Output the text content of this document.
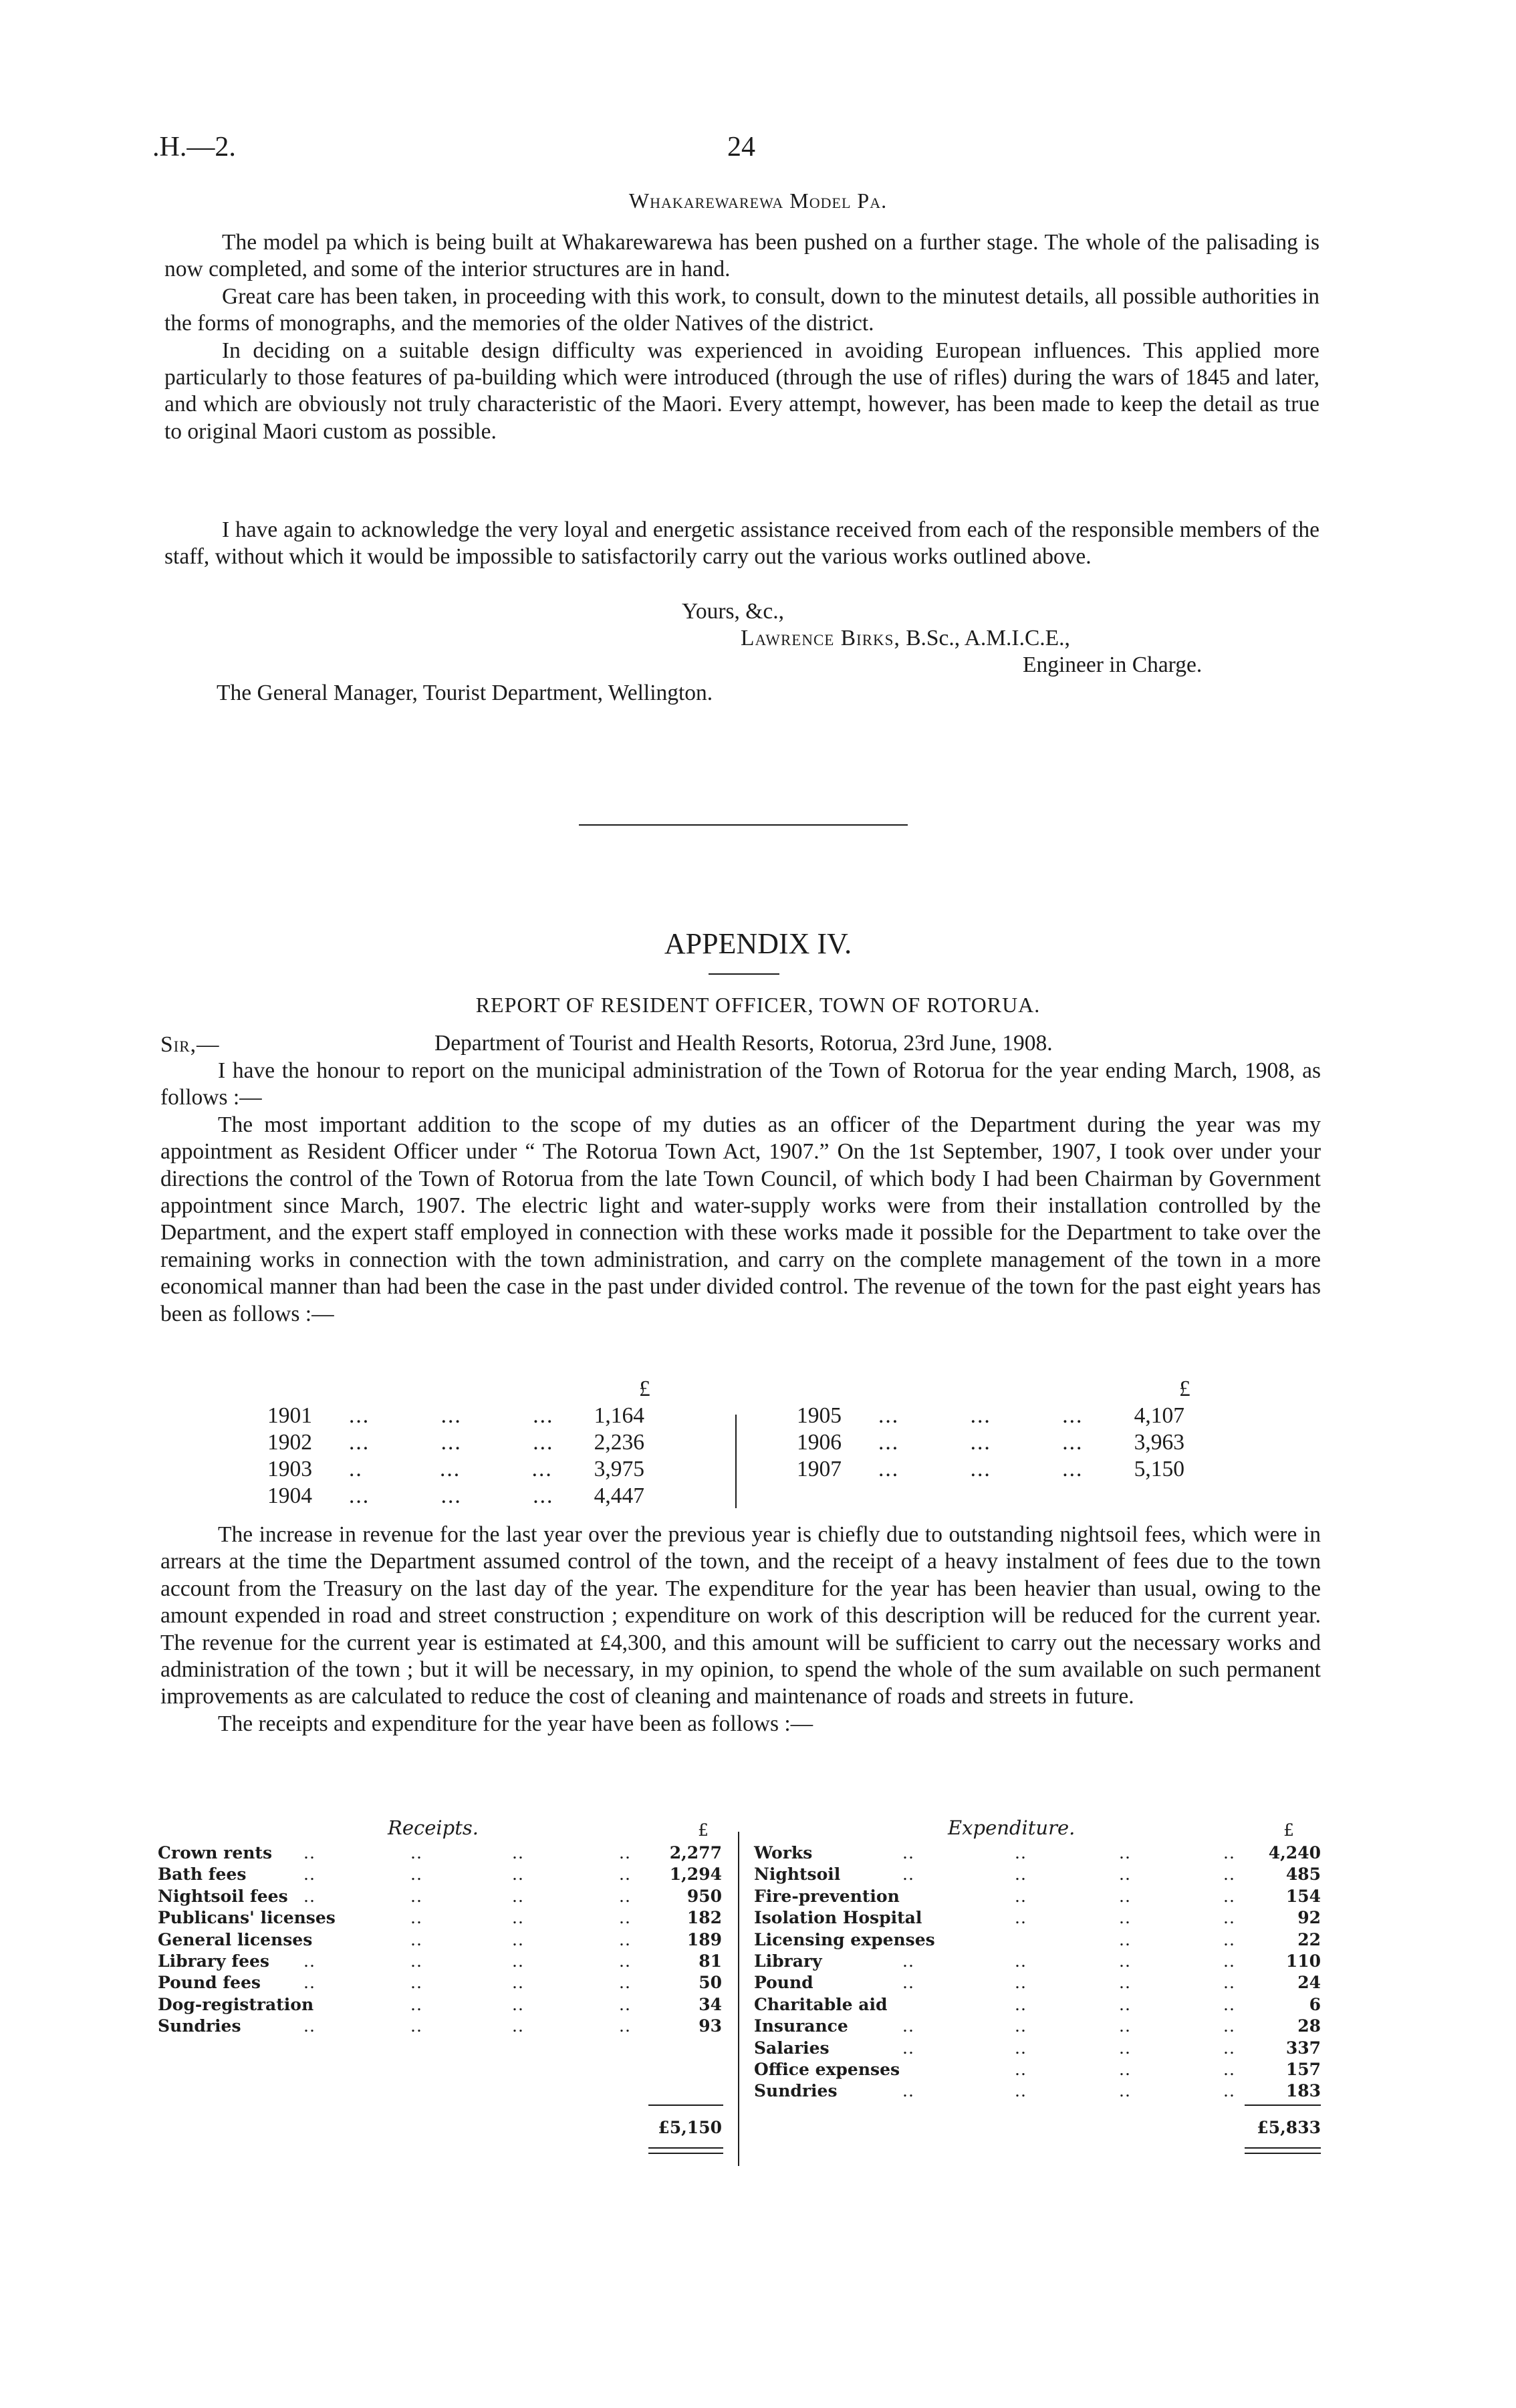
.H.—2.	24
Whakarewarewa Model Pa.

The model pa which is being built at Whakarewarewa has been pushed on a further stage. The whole of the palisading is now completed, and some of the interior structures are in hand.

Great care has been taken, in proceeding with this work, to consult, down to the minutest details, all possible authorities in the forms of monographs, and the memories of the older Natives of the district.

In deciding on a suitable design difficulty was experienced in avoiding European influences. This applied more particularly to those features of pa-building which were introduced (through the use of rifles) during the wars of 1845 and later, and which are obviously not truly characteristic of the Maori. Every attempt, however, has been made to keep the detail as true to original Maori custom as possible.

I have again to acknowledge the very loyal and energetic assistance received from each of the responsible members of the staff, without which it would be impossible to satisfactorily carry out the various works outlined above.

Yours, &c.,
Lawrence Birks, B.Sc., A.M.I.C.E.,
Engineer in Charge.
The General Manager, Tourist Department, Wellington.
APPENDIX IV.
REPORT OF RESIDENT OFFICER, TOWN OF ROTORUA.
Sir,—	Department of Tourist and Health Resorts, Rotorua, 23rd June, 1908.

I have the honour to report on the municipal administration of the Town of Rotorua for the year ending March, 1908, as follows :—

The most important addition to the scope of my duties as an officer of the Department during the year was my appointment as Resident Officer under “ The Rotorua Town Act, 1907.” On the 1st September, 1907, I took over under your directions the control of the Town of Rotorua from the late Town Council, of which body I had been Chairman by Government appointment since March, 1907. The electric light and water-supply works were from their installation controlled by the Department, and the expert staff employed in connection with these works made it possible for the Department to take over the remaining works in connection with the town administration, and carry on the complete management of the town in a more economical manner than had been the case in the past under divided control. The revenue of the town for the past eight years has been as follows :—

£	£
1901 ...   ...   ...	1,164
1902 ...   ...   ...	2,236
1903 ..    ...   ...	3,975
1904 ...   ...   ...	4,447
1905 ...   ...   ...	4,107
1906 ...   ...   ...	3,963
1907 ...   ...   ...	5,150

The increase in revenue for the last year over the previous year is chiefly due to outstanding nightsoil fees, which were in arrears at the time the Department assumed control of the town, and the receipt of a heavy instalment of fees due to the town account from the Treasury on the last day of the year. The expenditure for the year has been heavier than usual, owing to the amount expended in road and street construction ; expenditure on work of this description will be reduced for the current year. The revenue for the current year is estimated at £4,300, and this amount will be sufficient to carry out the necessary works and administration of the town ; but it will be necessary, in my opinion, to spend the whole of the sum available on such permanent improvements as are calculated to reduce the cost of cleaning and maintenance of roads and streets in future.

The receipts and expenditure for the year have been as follows :—

Receipts.	£
Crown rents ..	..	..	.. 2,277
Bath fees	..	..	..	.. 1,294
Nightsoil fees ..	..	..	..	950
Publicans' licenses	..	..	..	182
General licenses	..	..	..	189
Library fees ..	..	..	..	81
Pound fees	..	..	..	..	50
Dog-registration	..	..	..	34
Sundries	..	..	..	..	93
£5,150
Expenditure.	£
Works	..	..	..	.. 4,240
Nightsoil	..	..	..	..	485
Fire-prevention	..	..	..	154
Isolation Hospital	..	..	..	92
Licensing expenses	..	..	22
Library	..	..	..	..	110
Pound	..	..	..	..	24
Charitable aid	..	..	..	6
Insurance	..	..	..	..	28
Salaries	..	..	..	..	337
Office expenses	..	..	..	157
Sundries	..	..	..	..	183
£5,833
